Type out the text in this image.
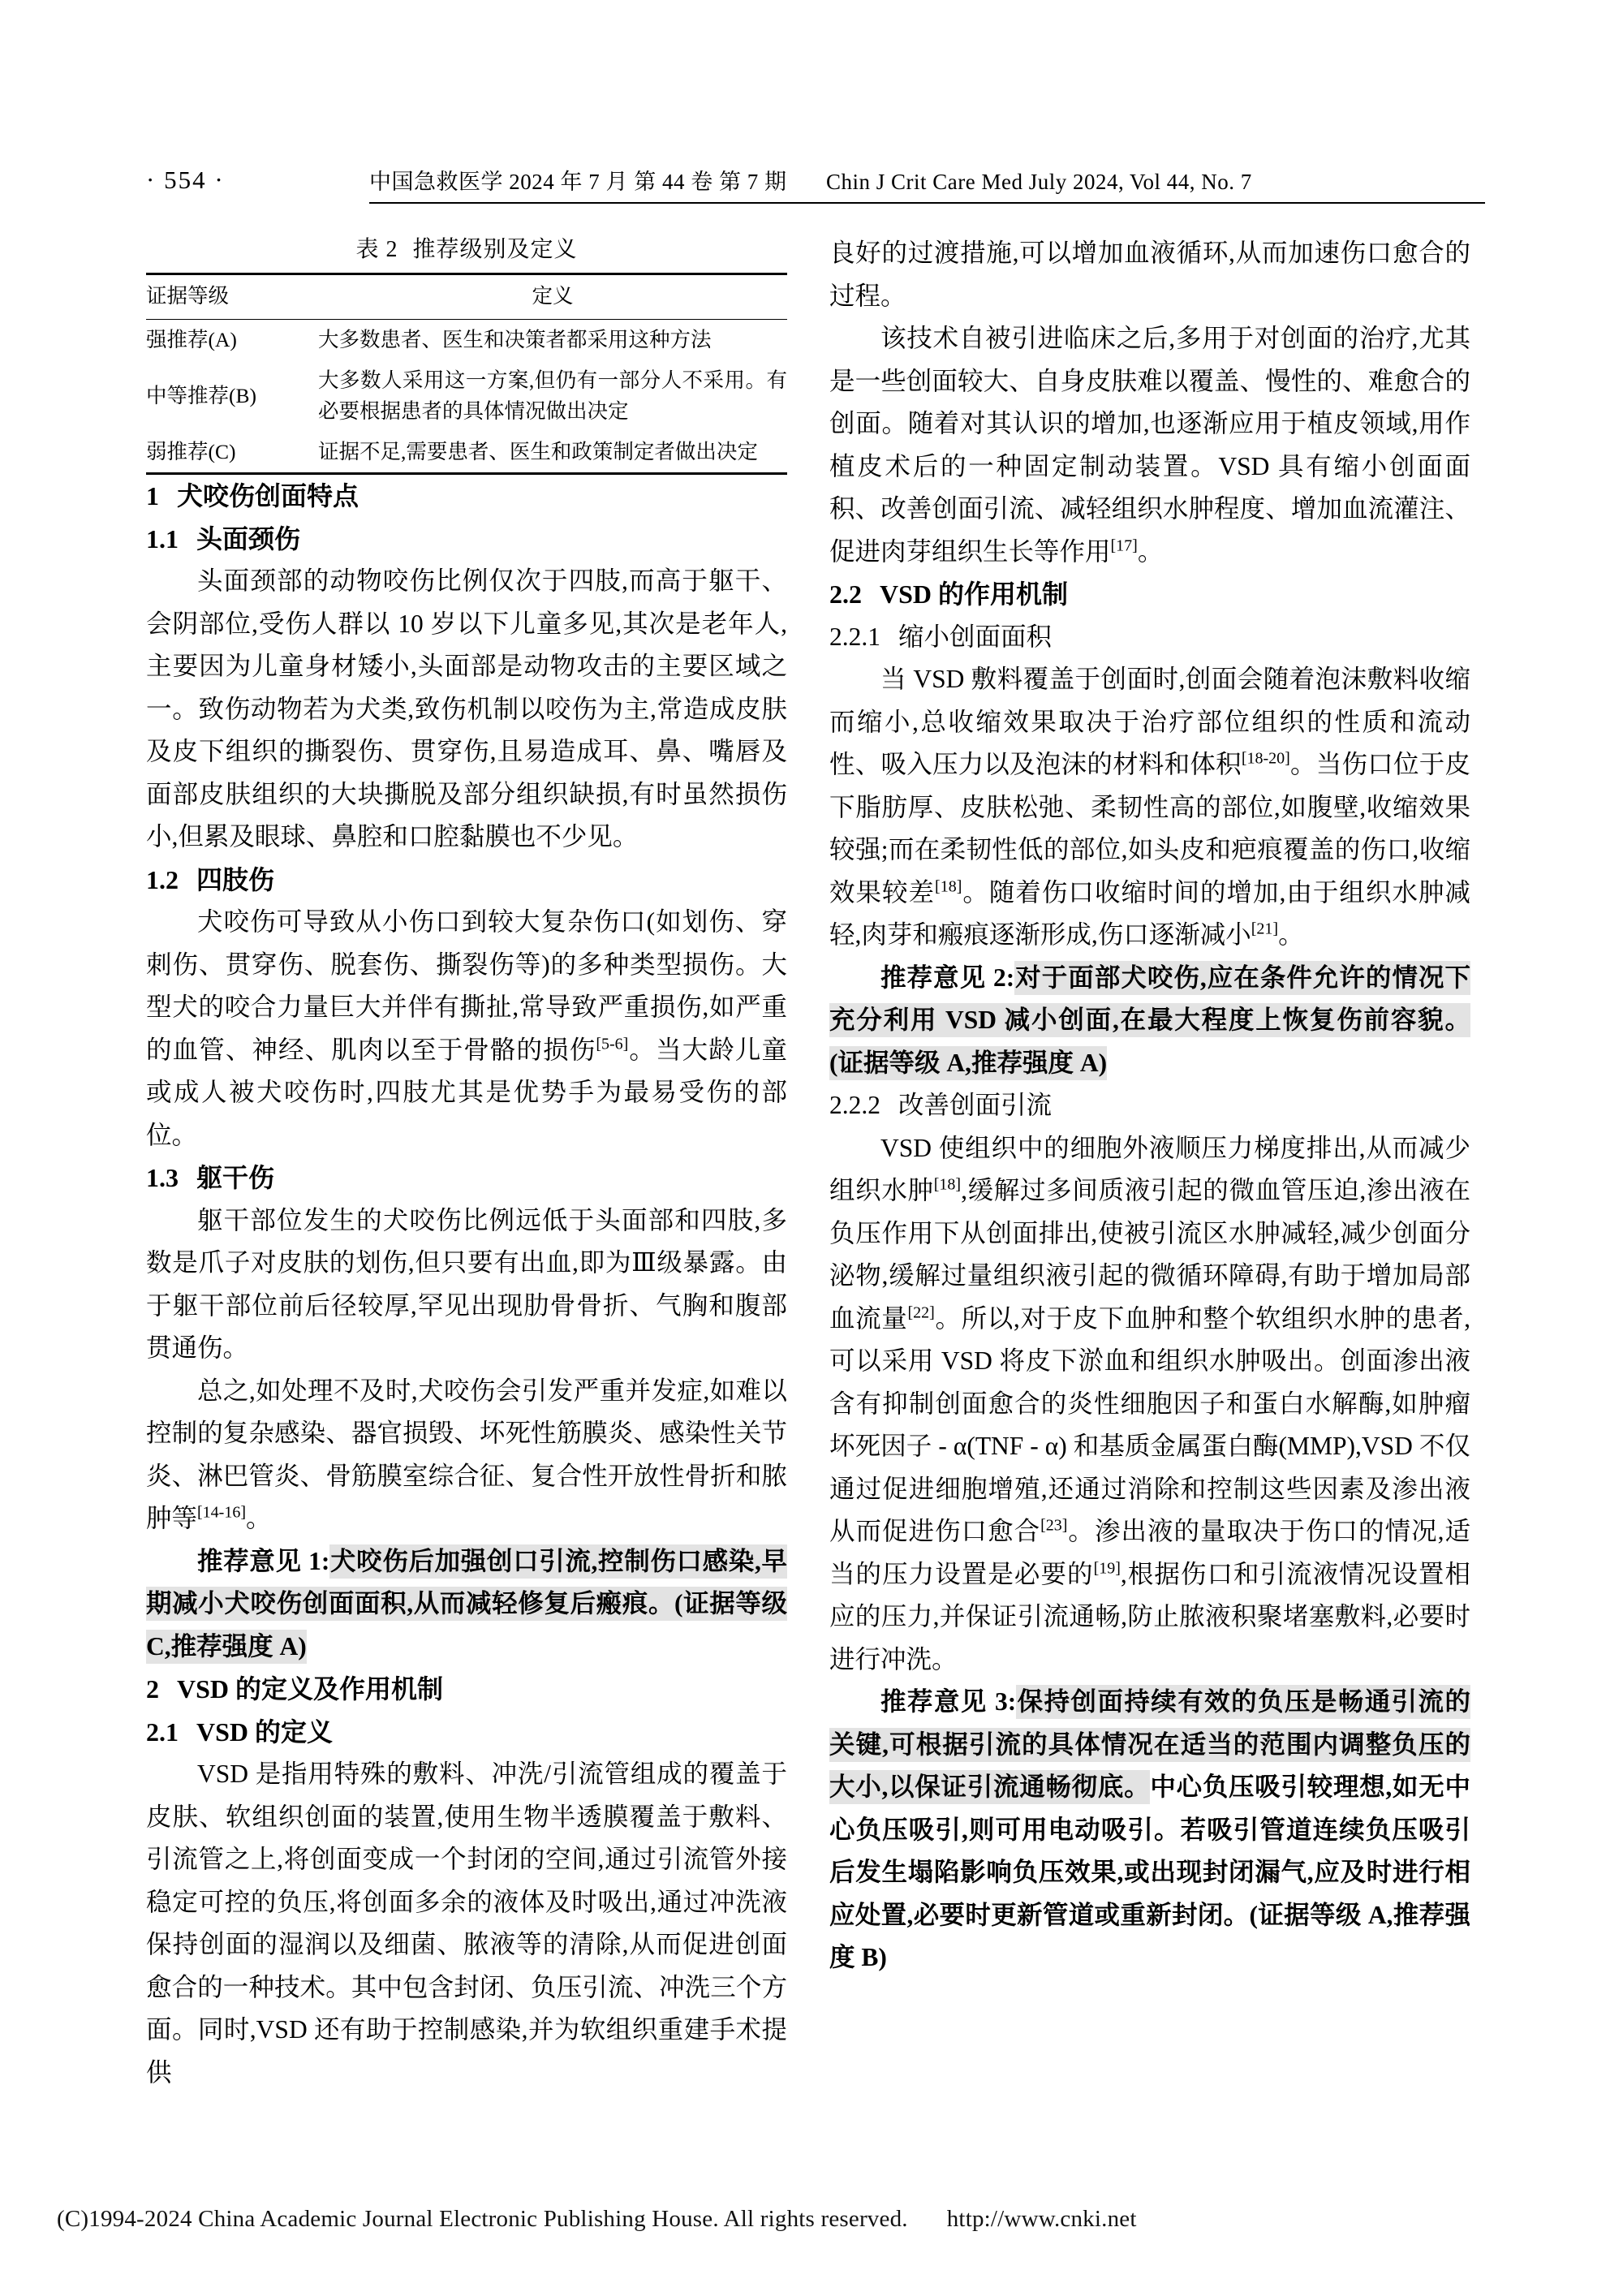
· 554 ·	中国急救医学 2024 年 7 月 第 44 卷 第 7 期 Chin J Crit Care Med July 2024, Vol 44, No. 7
表 2 推荐级别及定义
证据等级	定义
强推荐(A)	大多数患者、医生和决策者都采用这种方法
中等推荐(B)	大多数人采用这一方案,但仍有一部分人不采用。有必要根据患者的具体情况做出决定
弱推荐(C)	证据不足,需要患者、医生和政策制定者做出决定
1 犬咬伤创面特点
1.1 头面颈伤

头面颈部的动物咬伤比例仅次于四肢,而高于躯干、会阴部位,受伤人群以 10 岁以下儿童多见,其次是老年人,主要因为儿童身材矮小,头面部是动物攻击的主要区域之一。致伤动物若为犬类,致伤机制以咬伤为主,常造成皮肤及皮下组织的撕裂伤、贯穿伤,且易造成耳、鼻、嘴唇及面部皮肤组织的大块撕脱及部分组织缺损,有时虽然损伤小,但累及眼球、鼻腔和口腔黏膜也不少见。

1.2 四肢伤

犬咬伤可导致从小伤口到较大复杂伤口(如划伤、穿刺伤、贯穿伤、脱套伤、撕裂伤等)的多种类型损伤。大型犬的咬合力量巨大并伴有撕扯,常导致严重损伤,如严重的血管、神经、肌肉以至于骨骼的损伤[5-6]。当大龄儿童或成人被犬咬伤时,四肢尤其是优势手为最易受伤的部位。

1.3 躯干伤

躯干部位发生的犬咬伤比例远低于头面部和四肢,多数是爪子对皮肤的划伤,但只要有出血,即为Ⅲ级暴露。由于躯干部位前后径较厚,罕见出现肋骨骨折、气胸和腹部贯通伤。

总之,如处理不及时,犬咬伤会引发严重并发症,如难以控制的复杂感染、器官损毁、坏死性筋膜炎、感染性关节炎、淋巴管炎、骨筋膜室综合征、复合性开放性骨折和脓肿等[14-16]。

推荐意见 1:犬咬伤后加强创口引流,控制伤口感染,早期减小犬咬伤创面面积,从而减轻修复后瘢痕。(证据等级 C,推荐强度 A)

2 VSD 的定义及作用机制
2.1 VSD 的定义

VSD 是指用特殊的敷料、冲洗/引流管组成的覆盖于皮肤、软组织创面的装置,使用生物半透膜覆盖于敷料、引流管之上,将创面变成一个封闭的空间,通过引流管外接稳定可控的负压,将创面多余的液体及时吸出,通过冲洗液保持创面的湿润以及细菌、脓液等的清除,从而促进创面愈合的一种技术。其中包含封闭、负压引流、冲洗三个方面。同时,VSD 还有助于控制感染,并为软组织重建手术提供

良好的过渡措施,可以增加血液循环,从而加速伤口愈合的过程。

该技术自被引进临床之后,多用于对创面的治疗,尤其是一些创面较大、自身皮肤难以覆盖、慢性的、难愈合的创面。随着对其认识的增加,也逐渐应用于植皮领域,用作植皮术后的一种固定制动装置。VSD 具有缩小创面面积、改善创面引流、减轻组织水肿程度、增加血流灌注、促进肉芽组织生长等作用[17]。

2.2 VSD 的作用机制
2.2.1 缩小创面面积

当 VSD 敷料覆盖于创面时,创面会随着泡沫敷料收缩而缩小,总收缩效果取决于治疗部位组织的性质和流动性、吸入压力以及泡沫的材料和体积[18-20]。当伤口位于皮下脂肪厚、皮肤松弛、柔韧性高的部位,如腹壁,收缩效果较强;而在柔韧性低的部位,如头皮和疤痕覆盖的伤口,收缩效果较差[18]。随着伤口收缩时间的增加,由于组织水肿减轻,肉芽和瘢痕逐渐形成,伤口逐渐减小[21]。

推荐意见 2:对于面部犬咬伤,应在条件允许的情况下充分利用 VSD 减小创面,在最大程度上恢复伤前容貌。(证据等级 A,推荐强度 A)

2.2.2 改善创面引流

VSD 使组织中的细胞外液顺压力梯度排出,从而减少组织水肿[18],缓解过多间质液引起的微血管压迫,渗出液在负压作用下从创面排出,使被引流区水肿减轻,减少创面分泌物,缓解过量组织液引起的微循环障碍,有助于增加局部血流量[22]。所以,对于皮下血肿和整个软组织水肿的患者,可以采用 VSD 将皮下淤血和组织水肿吸出。创面渗出液含有抑制创面愈合的炎性细胞因子和蛋白水解酶,如肿瘤坏死因子 - α(TNF - α) 和基质金属蛋白酶(MMP),VSD 不仅通过促进细胞增殖,还通过消除和控制这些因素及渗出液从而促进伤口愈合[23]。渗出液的量取决于伤口的情况,适当的压力设置是必要的[19],根据伤口和引流液情况设置相应的压力,并保证引流通畅,防止脓液积聚堵塞敷料,必要时进行冲洗。

推荐意见 3:保持创面持续有效的负压是畅通引流的关键,可根据引流的具体情况在适当的范围内调整负压的大小,以保证引流通畅彻底。中心负压吸引较理想,如无中心负压吸引,则可用电动吸引。若吸引管道连续负压吸引后发生塌陷影响负压效果,或出现封闭漏气,应及时进行相应处置,必要时更新管道或重新封闭。(证据等级 A,推荐强度 B)

(C)1994-2024 China Academic Journal Electronic Publishing House. All rights reserved. http://www.cnki.net
